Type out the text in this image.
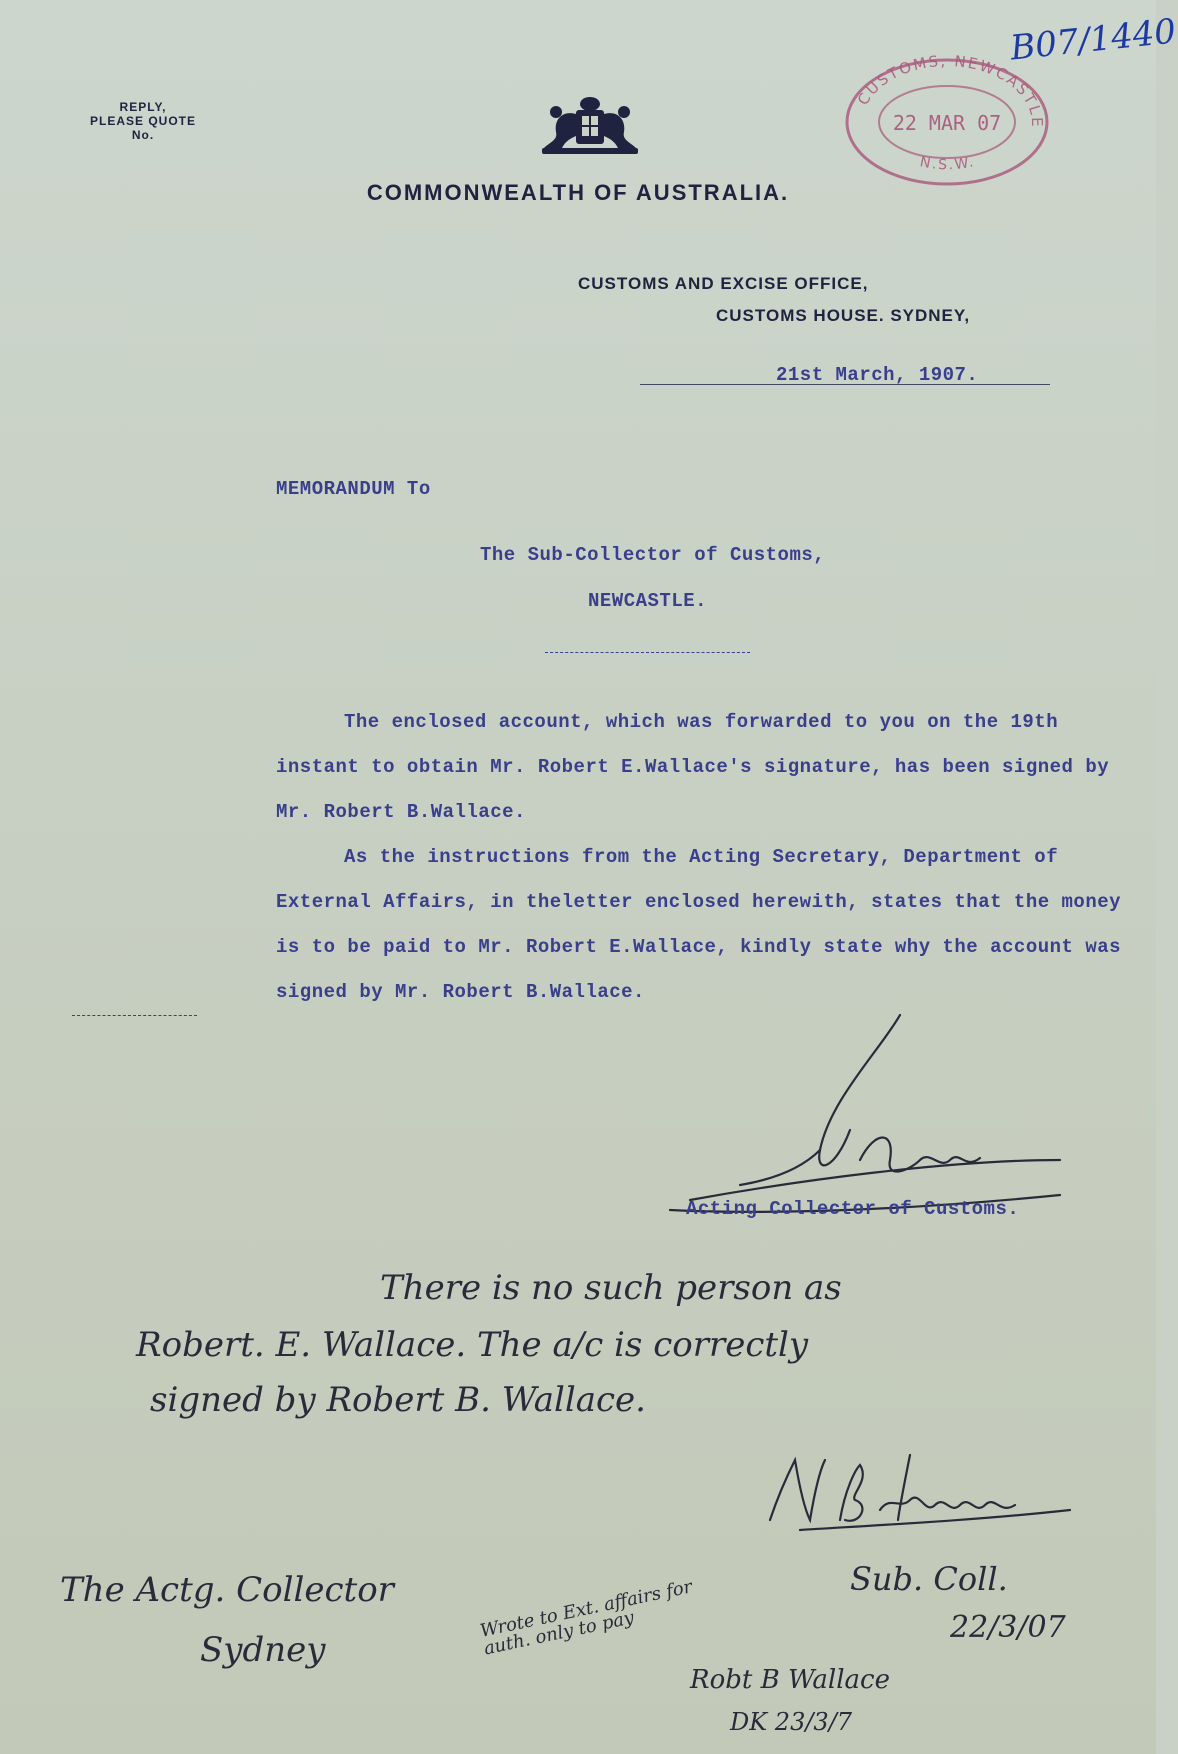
REPLY,
PLEASE QUOTE
No.
COMMONWEALTH OF AUSTRALIA.
CUSTOMS, NEWCASTLE
22 MAR 07
N.S.W.
B07/1440
CUSTOMS AND EXCISE OFFICE,
CUSTOMS HOUSE. SYDNEY,
21st March, 1907.
MEMORANDUM To
The Sub-Collector of Customs,
NEWCASTLE.
The enclosed account, which was forwarded to you on the 19th instant to obtain Mr. Robert E.Wallace's signature, has been signed by Mr. Robert B.Wallace.
As the instructions from the Acting Secretary, Department of External Affairs, in theletter enclosed herewith, states that the money is to be paid to Mr. Robert E.Wallace, kindly state why the account was signed by Mr. Robert B.Wallace.
Acting Collector of Customs.
There is no such person as
Robert. E. Wallace. The a/c is correctly
signed by Robert B. Wallace.
Sub. Coll.
22/3/07
The Actg. Collector
Sydney
Wrote to Ext. affairs for auth. only to pay
Robt B Wallace
DK 23/3/7
